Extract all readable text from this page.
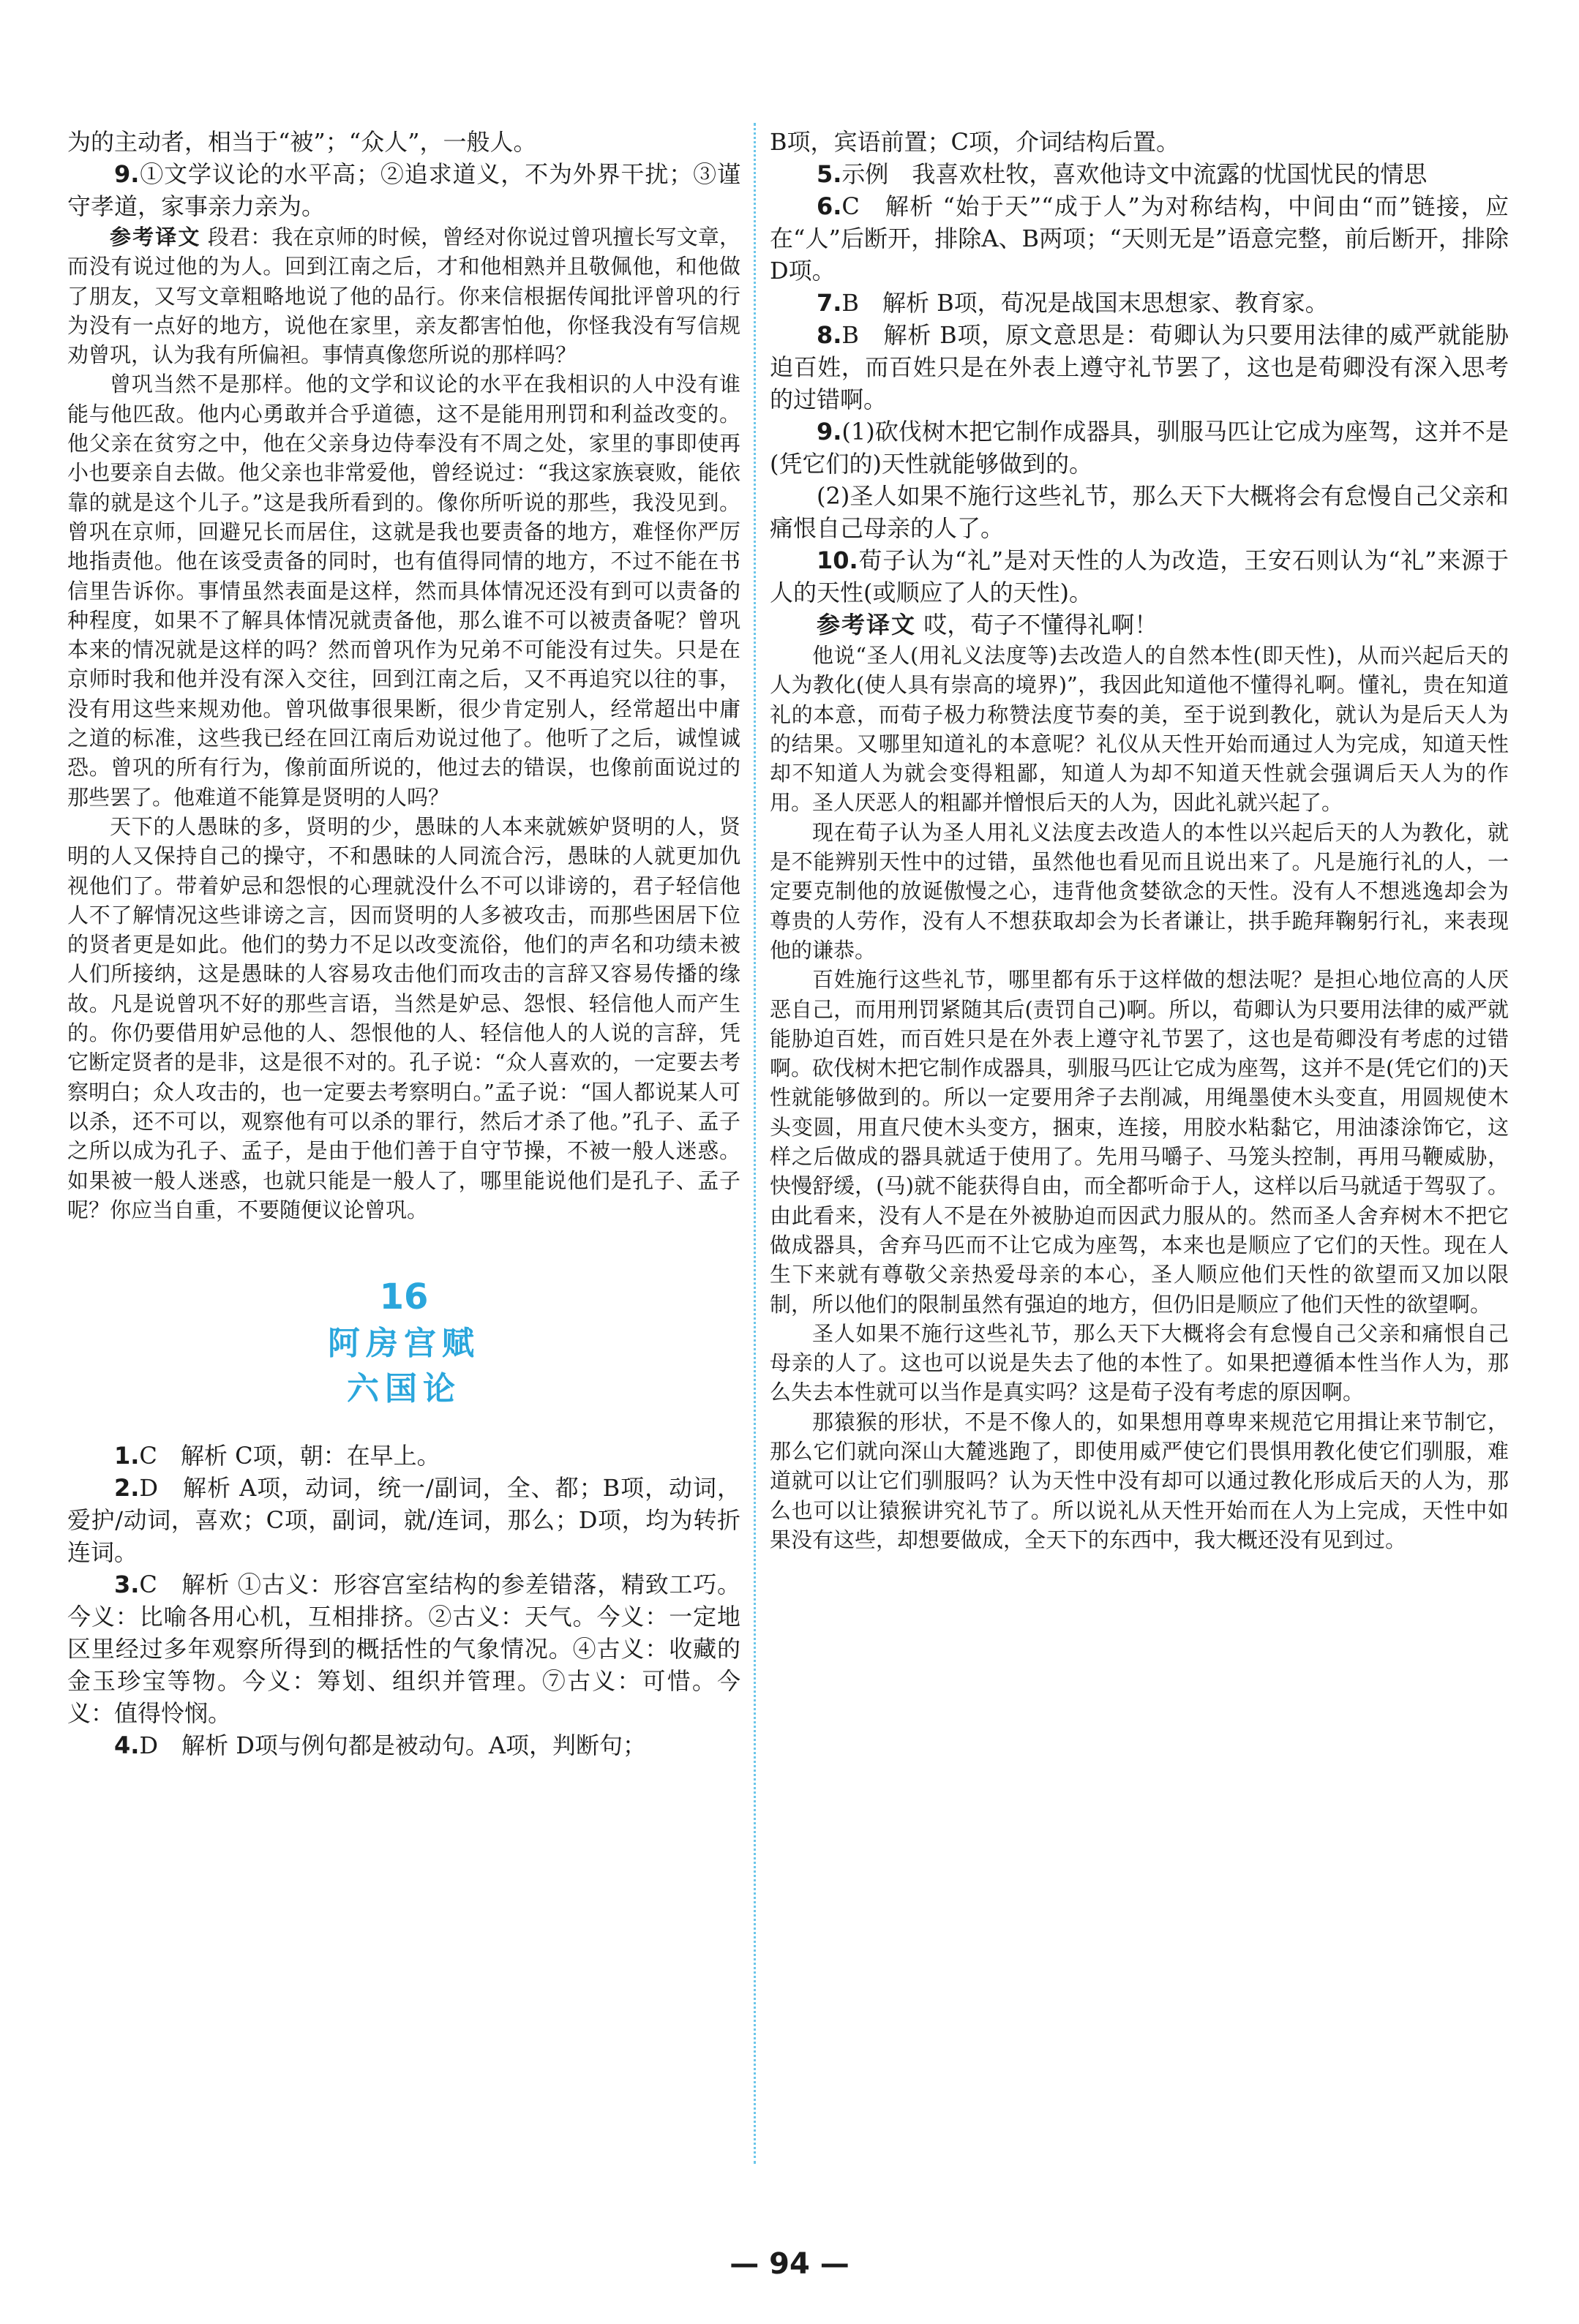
为的主动者，相当于“被”；“众人”，一般人。

9.①文学议论的水平高；②追求道义，不为外界干扰；③谨守孝道，家事亲力亲为。

参考译文 段君：我在京师的时候，曾经对你说过曾巩擅长写文章，而没有说过他的为人。回到江南之后，才和他相熟并且敬佩他，和他做了朋友，又写文章粗略地说了他的品行。你来信根据传闻批评曾巩的行为没有一点好的地方，说他在家里，亲友都害怕他，你怪我没有写信规劝曾巩，认为我有所偏袒。事情真像您所说的那样吗？

曾巩当然不是那样。他的文学和议论的水平在我相识的人中没有谁能与他匹敌。他内心勇敢并合乎道德，这不是能用刑罚和利益改变的。他父亲在贫穷之中，他在父亲身边侍奉没有不周之处，家里的事即使再小也要亲自去做。他父亲也非常爱他，曾经说过：“我这家族衰败，能依靠的就是这个儿子。”这是我所看到的。像你所听说的那些，我没见到。曾巩在京师，回避兄长而居住，这就是我也要责备的地方，难怪你严厉地指责他。他在该受责备的同时，也有值得同情的地方，不过不能在书信里告诉你。事情虽然表面是这样，然而具体情况还没有到可以责备的种程度，如果不了解具体情况就责备他，那么谁不可以被责备呢？曾巩本来的情况就是这样的吗？然而曾巩作为兄弟不可能没有过失。只是在京师时我和他并没有深入交往，回到江南之后，又不再追究以往的事，没有用这些来规劝他。曾巩做事很果断，很少肯定别人，经常超出中庸之道的标准，这些我已经在回江南后劝说过他了。他听了之后，诚惶诚恐。曾巩的所有行为，像前面所说的，他过去的错误，也像前面说过的那些罢了。他难道不能算是贤明的人吗？

天下的人愚昧的多，贤明的少，愚昧的人本来就嫉妒贤明的人，贤明的人又保持自己的操守，不和愚昧的人同流合污，愚昧的人就更加仇视他们了。带着妒忌和怨恨的心理就没什么不可以诽谤的，君子轻信他人不了解情况这些诽谤之言，因而贤明的人多被攻击，而那些困居下位的贤者更是如此。他们的势力不足以改变流俗，他们的声名和功绩未被人们所接纳，这是愚昧的人容易攻击他们而攻击的言辞又容易传播的缘故。凡是说曾巩不好的那些言语，当然是妒忌、怨恨、轻信他人而产生的。你仍要借用妒忌他的人、怨恨他的人、轻信他人的人说的言辞，凭它断定贤者的是非，这是很不对的。孔子说：“众人喜欢的，一定要去考察明白；众人攻击的，也一定要去考察明白。”孟子说：“国人都说某人可以杀，还不可以，观察他有可以杀的罪行，然后才杀了他。”孔子、孟子之所以成为孔子、孟子，是由于他们善于自守节操，不被一般人迷惑。如果被一般人迷惑，也就只能是一般人了，哪里能说他们是孔子、孟子呢？你应当自重，不要随便议论曾巩。

16

阿房宫赋

六国论

1.C　解析 C项，朝：在早上。

2.D　解析 A项，动词，统一/副词，全、都；B项，动词，爱护/动词，喜欢；C项，副词，就/连词，那么；D项，均为转折连词。

3.C　解析 ①古义：形容宫室结构的参差错落，精致工巧。今义：比喻各用心机，互相排挤。②古义：天气。今义：一定地区里经过多年观察所得到的概括性的气象情况。④古义：收藏的金玉珍宝等物。今义：筹划、组织并管理。⑦古义：可惜。今义：值得怜悯。

4.D　解析 D项与例句都是被动句。A项，判断句；

B项，宾语前置；C项，介词结构后置。

5.示例　我喜欢杜牧，喜欢他诗文中流露的忧国忧民的情思

6.C　解析 “始于天”“成于人”为对称结构，中间由“而”链接，应在“人”后断开，排除A、B两项；“天则无是”语意完整，前后断开，排除D项。

7.B　解析 B项，荀况是战国末思想家、教育家。

8.B　解析 B项，原文意思是：荀卿认为只要用法律的威严就能胁迫百姓，而百姓只是在外表上遵守礼节罢了，这也是荀卿没有深入思考的过错啊。

9.(1)砍伐树木把它制作成器具，驯服马匹让它成为座驾，这并不是(凭它们的)天性就能够做到的。

(2)圣人如果不施行这些礼节，那么天下大概将会有怠慢自己父亲和痛恨自己母亲的人了。

10.荀子认为“礼”是对天性的人为改造，王安石则认为“礼”来源于人的天性(或顺应了人的天性)。

参考译文 哎，荀子不懂得礼啊！

他说“圣人(用礼义法度等)去改造人的自然本性(即天性)，从而兴起后天的人为教化(使人具有崇高的境界)”，我因此知道他不懂得礼啊。懂礼，贵在知道礼的本意，而荀子极力称赞法度节奏的美，至于说到教化，就认为是后天人为的结果。又哪里知道礼的本意呢？礼仪从天性开始而通过人为完成，知道天性却不知道人为就会变得粗鄙，知道人为却不知道天性就会强调后天人为的作用。圣人厌恶人的粗鄙并憎恨后天的人为，因此礼就兴起了。

现在荀子认为圣人用礼义法度去改造人的本性以兴起后天的人为教化，就是不能辨别天性中的过错，虽然他也看见而且说出来了。凡是施行礼的人，一定要克制他的放诞傲慢之心，违背他贪婪欲念的天性。没有人不想逃逸却会为尊贵的人劳作，没有人不想获取却会为长者谦让，拱手跪拜鞠躬行礼，来表现他的谦恭。

百姓施行这些礼节，哪里都有乐于这样做的想法呢？是担心地位高的人厌恶自己，而用刑罚紧随其后(责罚自己)啊。所以，荀卿认为只要用法律的威严就能胁迫百姓，而百姓只是在外表上遵守礼节罢了，这也是荀卿没有考虑的过错啊。砍伐树木把它制作成器具，驯服马匹让它成为座驾，这并不是(凭它们的)天性就能够做到的。所以一定要用斧子去削减，用绳墨使木头变直，用圆规使木头变圆，用直尺使木头变方，捆束，连接，用胶水粘黏它，用油漆涂饰它，这样之后做成的器具就适于使用了。先用马嚼子、马笼头控制，再用马鞭威胁，快慢舒缓，(马)就不能获得自由，而全都听命于人，这样以后马就适于驾驭了。由此看来，没有人不是在外被胁迫而因武力服从的。然而圣人舍弃树木不把它做成器具，舍弃马匹而不让它成为座驾，本来也是顺应了它们的天性。现在人生下来就有尊敬父亲热爱母亲的本心，圣人顺应他们天性的欲望而又加以限制，所以他们的限制虽然有强迫的地方，但仍旧是顺应了他们天性的欲望啊。

圣人如果不施行这些礼节，那么天下大概将会有怠慢自己父亲和痛恨自己母亲的人了。这也可以说是失去了他的本性了。如果把遵循本性当作人为，那么失去本性就可以当作是真实吗？这是荀子没有考虑的原因啊。

那猿猴的形状，不是不像人的，如果想用尊卑来规范它用揖让来节制它，那么它们就向深山大麓逃跑了，即使用威严使它们畏惧用教化使它们驯服，难道就可以让它们驯服吗？认为天性中没有却可以通过教化形成后天的人为，那么也可以让猿猴讲究礼节了。所以说礼从天性开始而在人为上完成，天性中如果没有这些，却想要做成，全天下的东西中，我大概还没有见到过。

— 94 —
